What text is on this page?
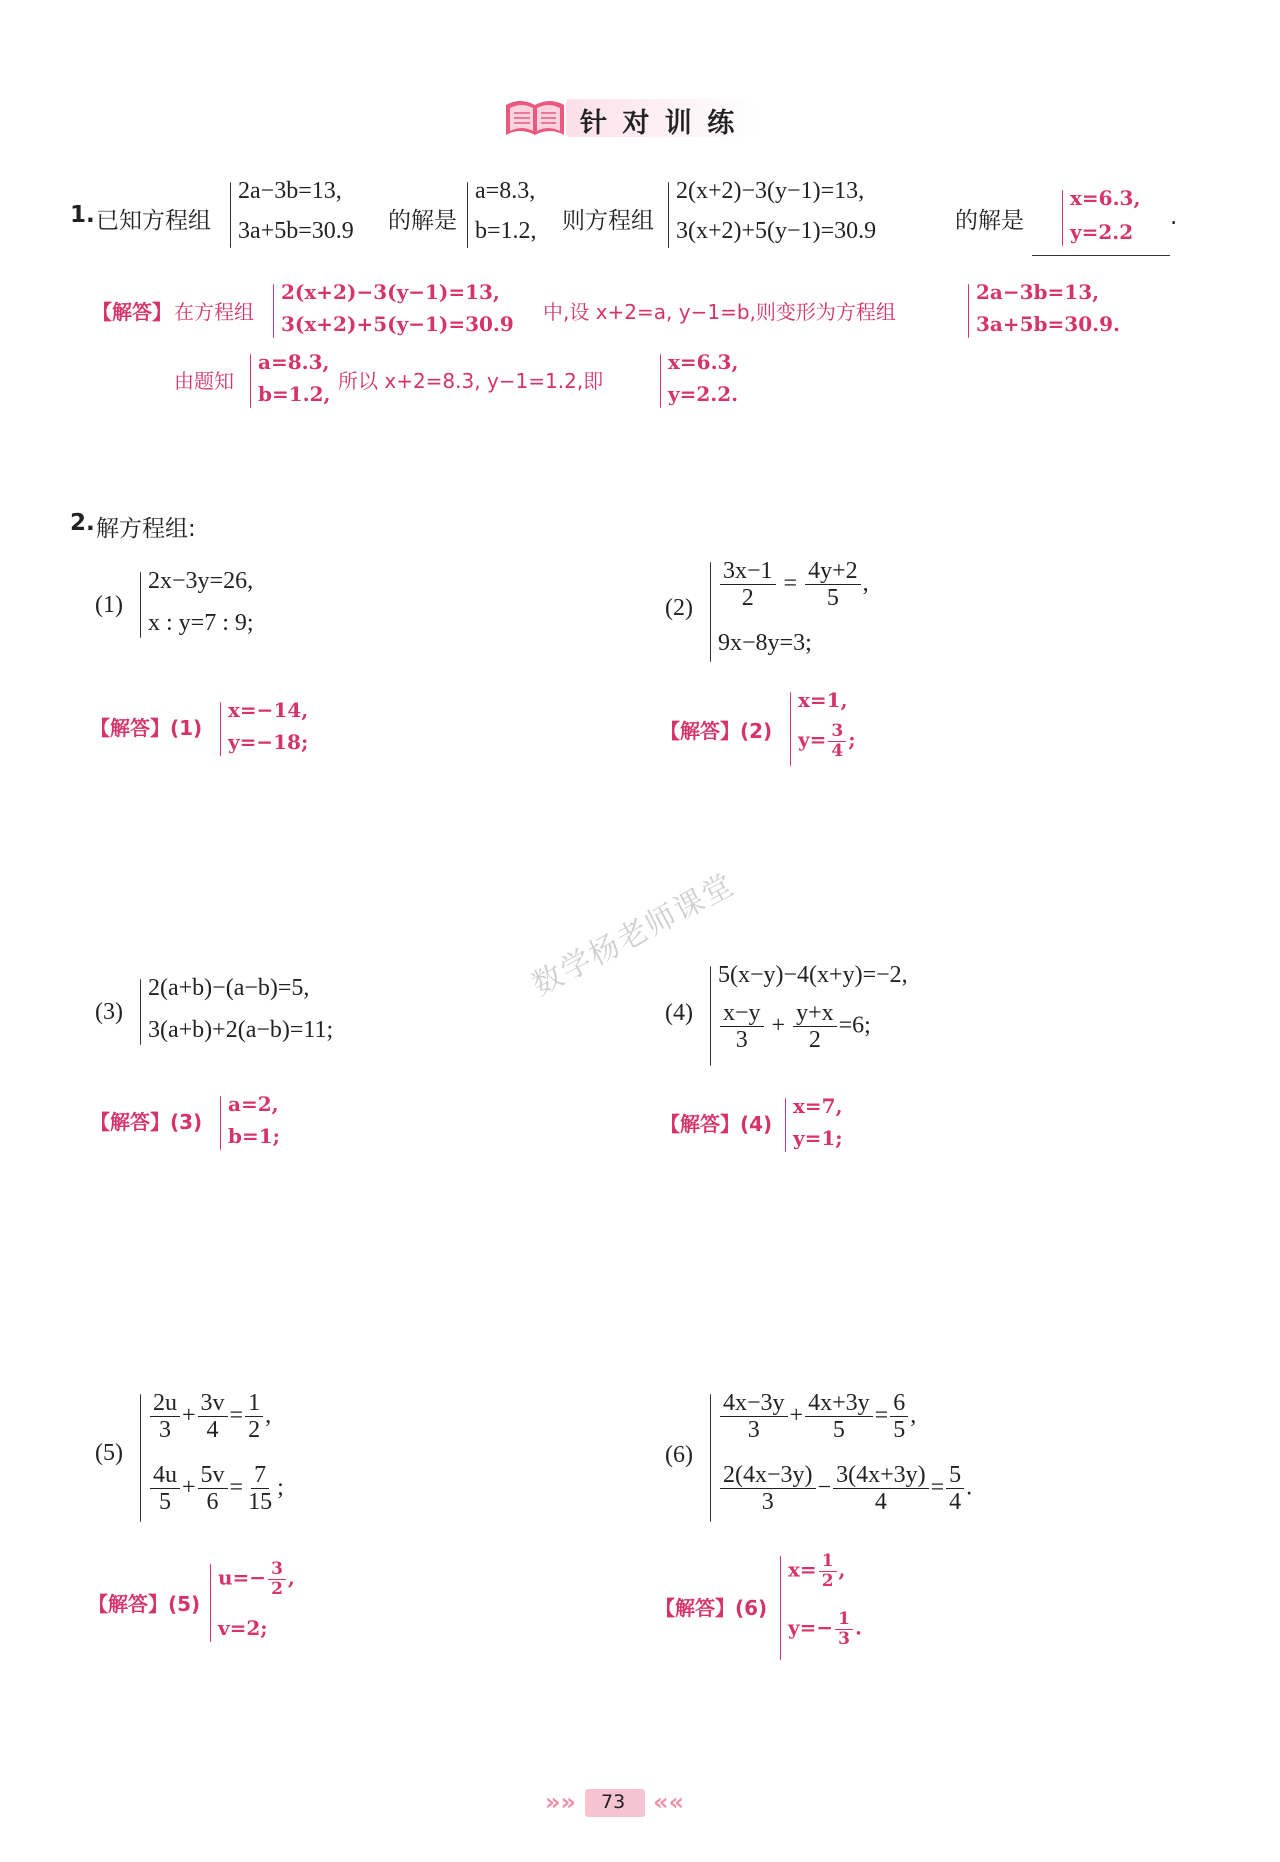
针 对 训 练
1. 已知方程组
2a−3b=13,
3a+5b=30.9 的解是
a=8.3,
b=1.2, 则方程组
2(x+2)−3(y−1)=13,
3(x+2)+5(y−1)=30.9	的解是
x=6.3,
y=2.2
.
【解答】 在方程组
2(x+2)−3(y−1)=13,
3(x+2)+5(y−1)=30.9 中,设 x+2=a, y−1=b,则变形为方程组
2a−3b=13,
3a+5b=30.9.
由题知
a=8.3,
b=1.2,
所以 x+2=8.3, y−1=1.2,即
x=6.3,
y=2.2.
2. 解方程组:
(1)
2x−3y=26,
x : y=7 : 9;
【解答】(1)
x=−14,
y=−18;
$(2) \frac{3x-1}{2} = \frac{4y+2}{5}$ ,
9x−8y=3;
【解答】(2)
x=1,
$y= \frac{3}{4}$ ;
数学杨老师课堂
(3)
2(a+b)−(a−b)=5,
3(a+b)+2(a−b)=11;
【解答】(3)
a=2,
b=1;
(4)
5(x−y)−4(x+y)=−2,
$\frac{x-y}{3} + \frac{y+x}{2} =6$;
【解答】(4)
x=7,
y=1;
(5)
$\frac{2u}{3} + \frac{3v}{4} = \frac{1}{2}$ ,
$\frac{4u}{5} + \frac{5v}{6} = \frac{7}{15}$ ;
【解答】(5)
$u=- \frac{3}{2}$ ,
v=2;
(6)
$\frac{4x-3y}{3} + \frac{4x+3y}{5} = \frac{6}{5}$ ,
$\frac{2(4x-3y)}{3} - \frac{3(4x+3y)}{4} = \frac{5}{4}$ .
【解答】(6)
$x= \frac{1}{2}$ ,
$y=- \frac{1}{3}$ .
»» 73 ««
